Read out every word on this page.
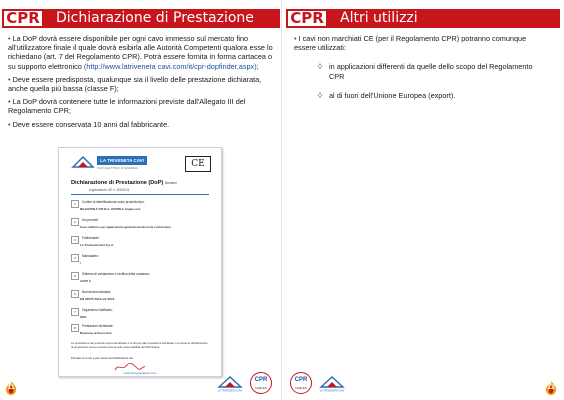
CPR	Dichiarazione di Prestazione

• La DoP dovrà essere disponibile per ogni cavo immesso sul mercato fino all'utilizzatore finale il quale dovrà esibirla alle Autorità Competenti qualora esse lo richiedano (art. 7 del Regolamento CPR). Potrà essere fornita in forma cartacea o su supporto elettronico (http://www.latriveneta cavi.com/it/cpr-dopfinder.aspx);

• Deve essere predisposta, qualunque sia il livello delle prestazione dichiarata, anche quella più bassa (classe F);

• La DoP dovrà contenere tutte le informazioni previste dall'Allegato III del Regolamento CPR;

• Deve essere conservata 10 anni dal fabbricante.

LA TRIVENETA CAVI
CAVI ELETTRICI DI ENERGIA	CE
Dichiarazione di Prestazione (DoP) Numero:
regolamento UE n. 305/2011
1 Codice di identificazione unico prodotto-tipo:
BS-H07RN-F P.R.B.A. H07RN-F single-core
2 Usi previsti:
Cavo elettrico per applicazioni generali nei lavori di costruzione
3 Fabbricante:
La Triveneta Cavi S.p.A.
4 Mandatario:
/
5 Sistema di valutazione e verifica della costanza:
AVCP 3
6 Norma Armonizzata:
EN 50575:2014+A1:2016
7 Organismo Notificato:
0051
8 Prestazioni dichiarate:
Reazione al fuoco Eca
La prestazione del prodotto sopra identificato è conforme alle prestazioni dichiarate. La presente dichiarazione di prestazione viene emessa sotto la sola responsabilità del fabbricante.
Firmato a nome e per conto del fabbricante da:
www.latrivenetacavi.com
11	LA TRIVENETA CAVI
CPR
CABLES
CPR	Altri utilizzi
CPR
CABLES
LA TRIVENETA CAVI	12

• I cavi non marchiati CE (per il Regolamento CPR) potranno comunque essere utilizzati:

◊ in applicazioni differenti da quelle dello scopo del Regolamento CPR
◊ al di fuori dell'Unione Europea (export).
